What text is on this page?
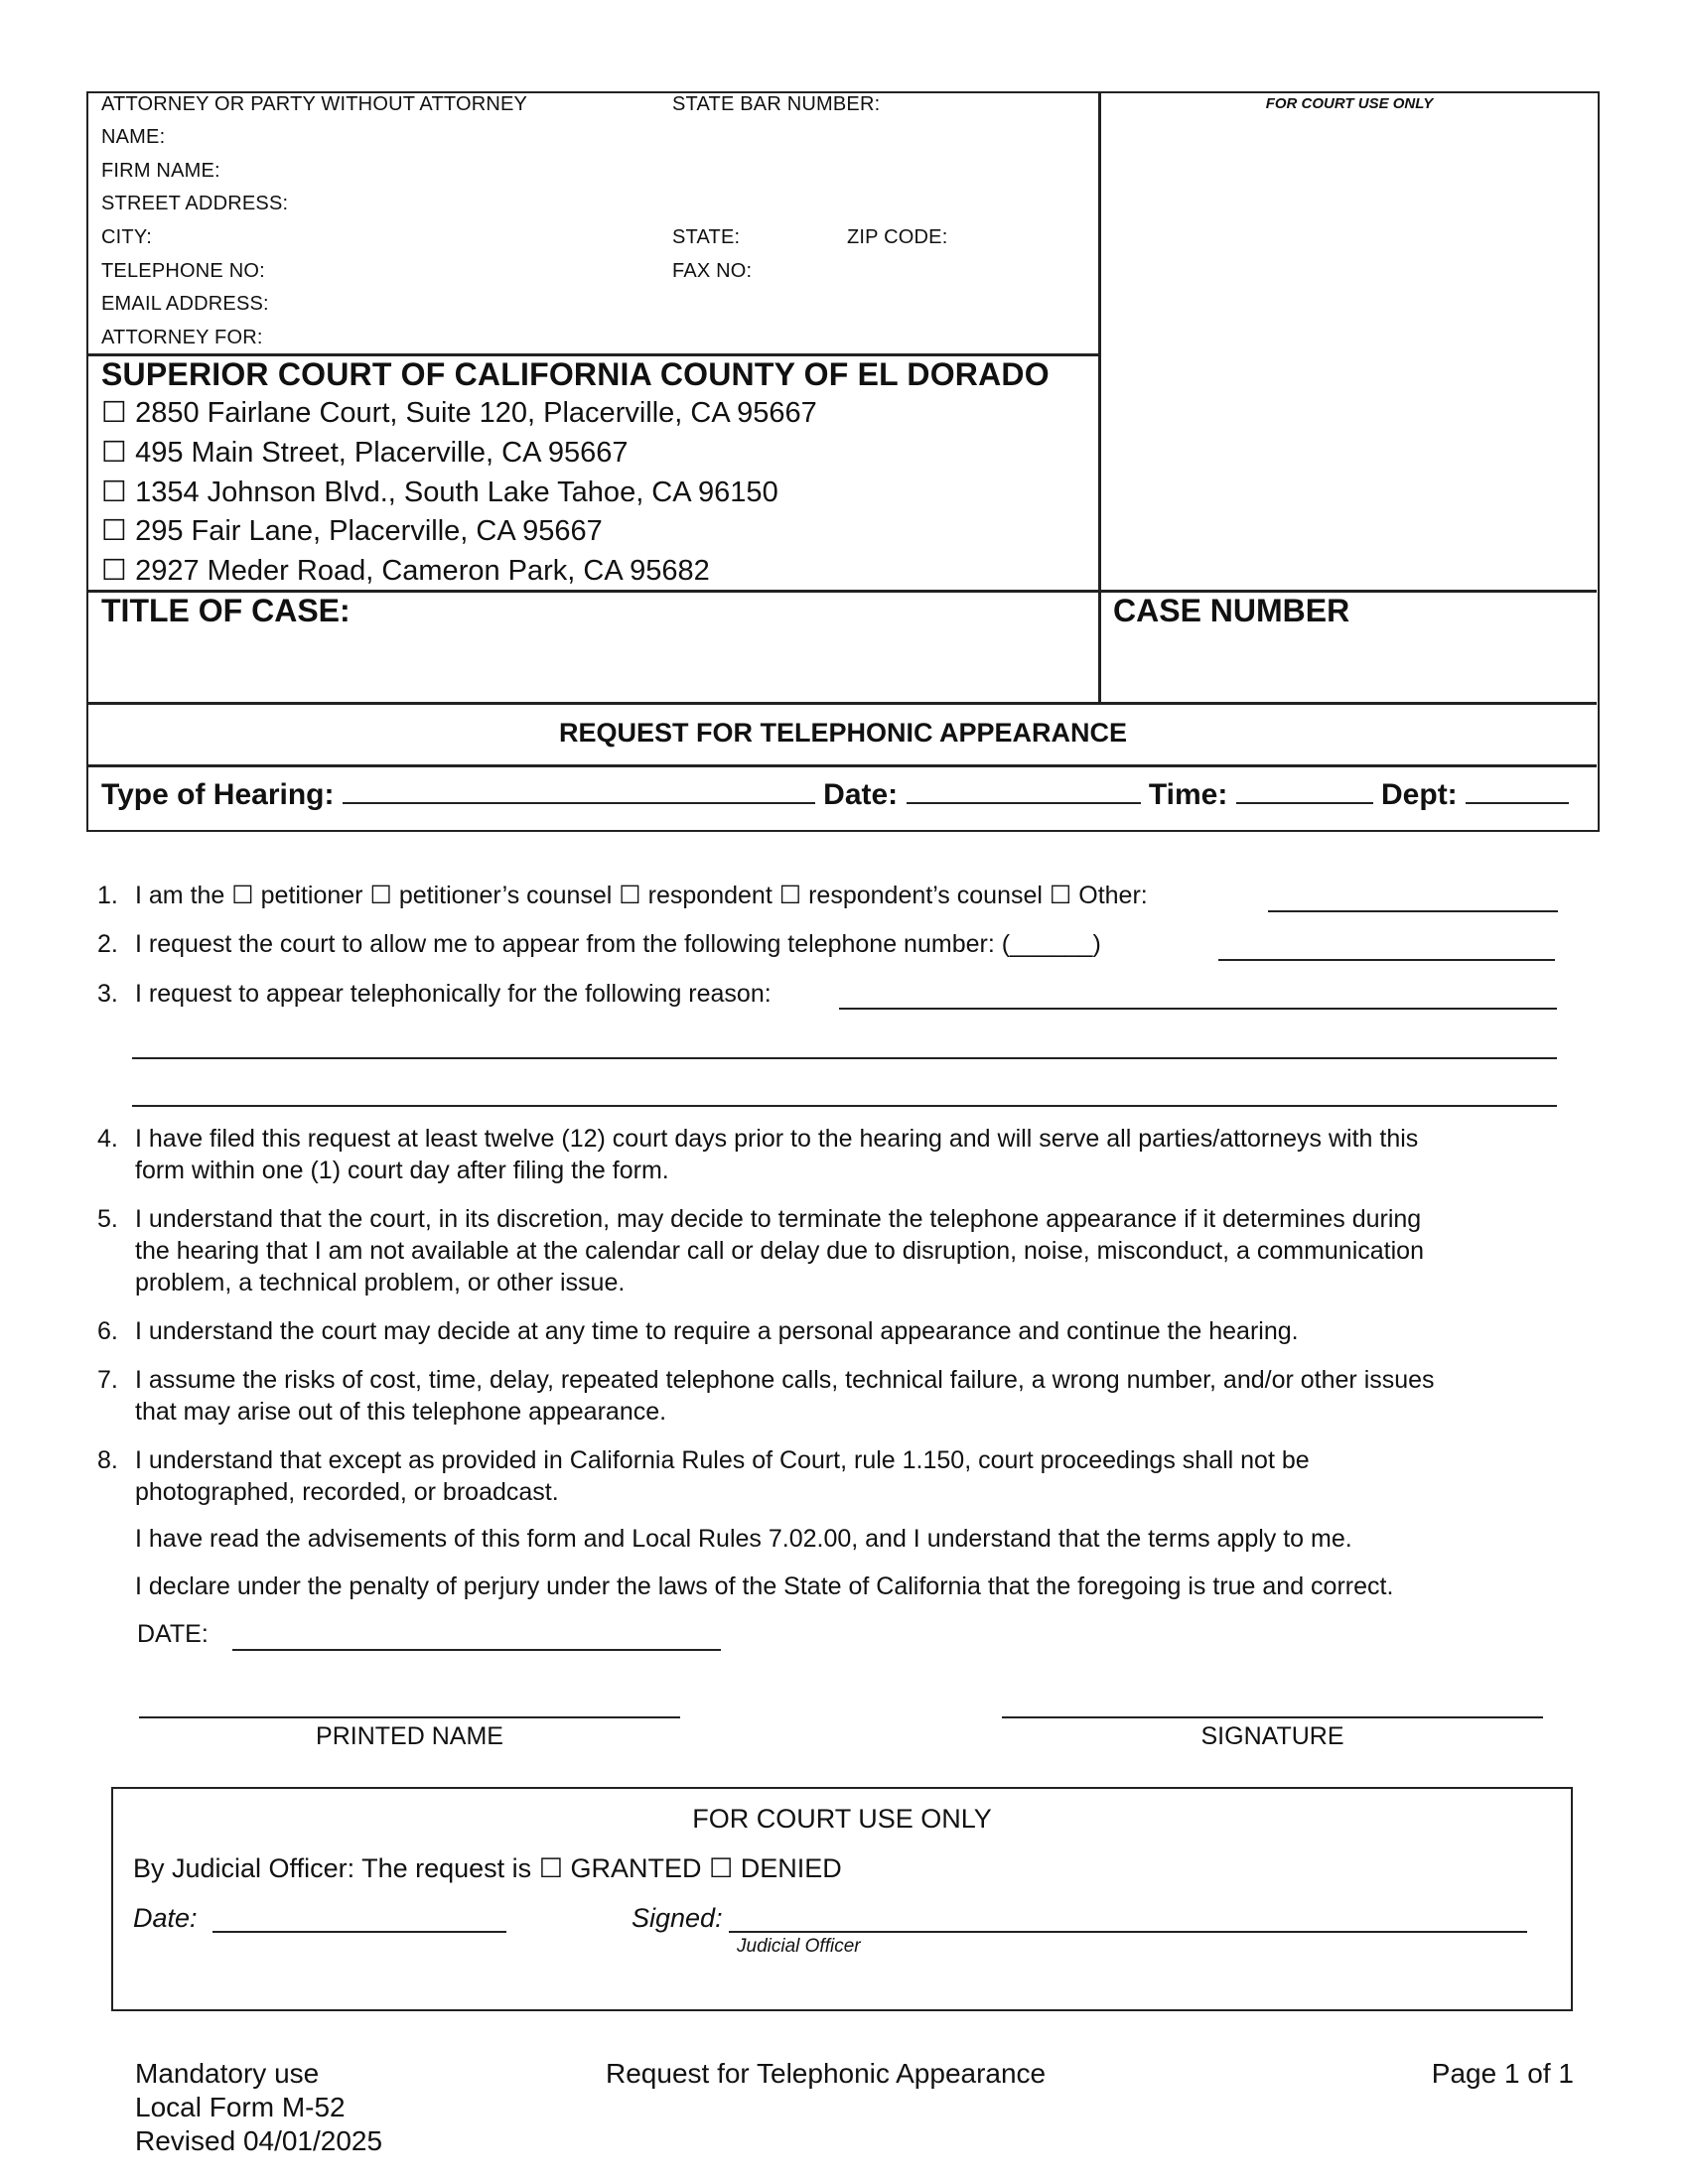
ATTORNEY OR PARTY WITHOUT ATTORNEY	STATE BAR NUMBER:
NAME:
FIRM NAME:
STREET ADDRESS:
CITY:	STATE:	ZIP CODE:
TELEPHONE NO:	FAX NO:
EMAIL ADDRESS:
ATTORNEY FOR:
FOR COURT USE ONLY
SUPERIOR COURT OF CALIFORNIA COUNTY OF EL DORADO
☐ 2850 Fairlane Court, Suite 120, Placerville, CA 95667
☐ 495 Main Street, Placerville, CA 95667
☐ 1354 Johnson Blvd., South Lake Tahoe, CA 96150
☐ 295 Fair Lane, Placerville, CA 95667
☐ 2927 Meder Road, Cameron Park, CA 95682
TITLE OF CASE:	CASE NUMBER
REQUEST FOR TELEPHONIC APPEARANCE
Type of Hearing:	Date:	Time:	Dept:
1. I am the ☐ petitioner ☐ petitioner’s counsel ☐ respondent ☐ respondent’s counsel ☐ Other:
2. I request the court to allow me to appear from the following telephone number: (______)
3. I request to appear telephonically for the following reason:
4. I have filed this request at least twelve (12) court days prior to the hearing and will serve all parties/attorneys with this
form within one (1) court day after filing the form.
5. I understand that the court, in its discretion, may decide to terminate the telephone appearance if it determines during
the hearing that I am not available at the calendar call or delay due to disruption, noise, misconduct, a communication
problem, a technical problem, or other issue.
6. I understand the court may decide at any time to require a personal appearance and continue the hearing.
7. I assume the risks of cost, time, delay, repeated telephone calls, technical failure, a wrong number, and/or other issues
that may arise out of this telephone appearance.
8. I understand that except as provided in California Rules of Court, rule 1.150, court proceedings shall not be
photographed, recorded, or broadcast.
I have read the advisements of this form and Local Rules 7.02.00, and I understand that the terms apply to me.
I declare under the penalty of perjury under the laws of the State of California that the foregoing is true and correct.
DATE:
PRINTED NAME	SIGNATURE
FOR COURT USE ONLY
By Judicial Officer: The request is ☐ GRANTED ☐ DENIED
Date:	Signed:
Judicial Officer
Mandatory use
Local Form M-52
Revised 04/01/2025
Request for Telephonic Appearance	Page 1 of 1
